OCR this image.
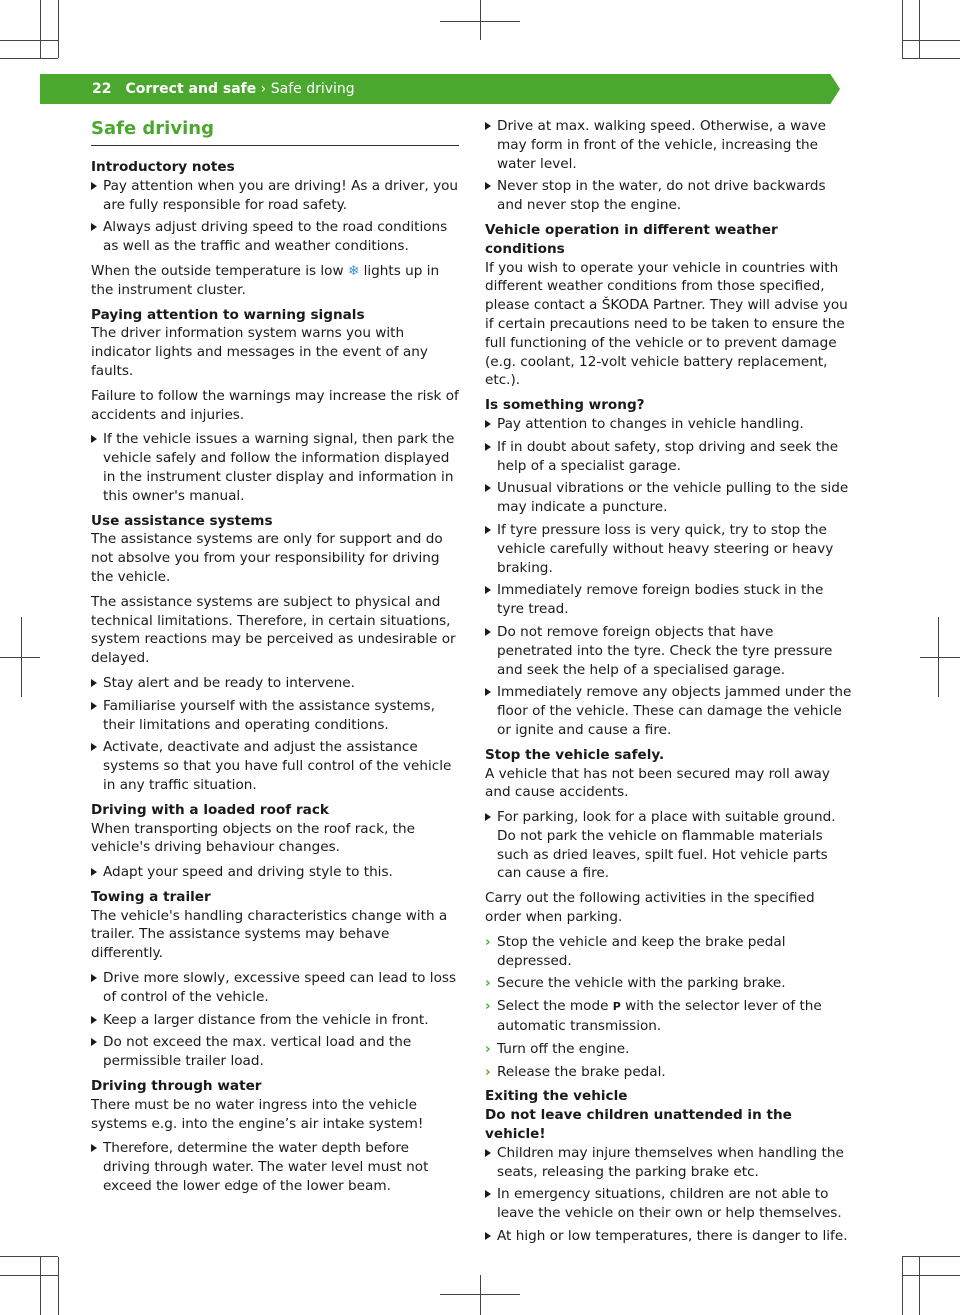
22 Correct and safe › Safe driving
Safe driving
Introductory notes
Pay attention when you are driving! As a driver, you are fully responsible for road safety.
Always adjust driving speed to the road conditions as well as the traffic and weather conditions.

When the outside temperature is low ❄ lights up in the instrument cluster.

Paying attention to warning signals

The driver information system warns you with indicator lights and messages in the event of any faults.

Failure to follow the warnings may increase the risk of accidents and injuries.

If the vehicle issues a warning signal, then park the vehicle safely and follow the information displayed in the instrument cluster display and information in this owner's manual.
Use assistance systems

The assistance systems are only for support and do not absolve you from your responsibility for driving the vehicle.

The assistance systems are subject to physical and technical limitations. Therefore, in certain situations, system reactions may be perceived as undesirable or delayed.

Stay alert and be ready to intervene.
Familiarise yourself with the assistance systems, their limitations and operating conditions.
Activate, deactivate and adjust the assistance systems so that you have full control of the vehicle in any traffic situation.
Driving with a loaded roof rack

When transporting objects on the roof rack, the vehicle's driving behaviour changes.

Adapt your speed and driving style to this.
Towing a trailer

The vehicle's handling characteristics change with a trailer. The assistance systems may behave differently.

Drive more slowly, excessive speed can lead to loss of control of the vehicle.
Keep a larger distance from the vehicle in front.
Do not exceed the max. vertical load and the permissible trailer load.
Driving through water

There must be no water ingress into the vehicle systems e.g. into the engine’s air intake system!

Therefore, determine the water depth before driving through water. The water level must not exceed the lower edge of the lower beam.
Drive at max. walking speed. Otherwise, a wave may form in front of the vehicle, increasing the water level.
Never stop in the water, do not drive backwards and never stop the engine.
Vehicle operation in different weather conditions

If you wish to operate your vehicle in countries with different weather conditions from those specified, please contact a ŠKODA Partner. They will advise you if certain precautions need to be taken to ensure the full functioning of the vehicle or to prevent damage (e.g. coolant, 12-volt vehicle battery replacement, etc.).

Is something wrong?
Pay attention to changes in vehicle handling.
If in doubt about safety, stop driving and seek the help of a specialist garage.
Unusual vibrations or the vehicle pulling to the side may indicate a puncture.
If tyre pressure loss is very quick, try to stop the vehicle carefully without heavy steering or heavy braking.
Immediately remove foreign bodies stuck in the tyre tread.
Do not remove foreign objects that have penetrated into the tyre. Check the tyre pressure and seek the help of a specialised garage.
Immediately remove any objects jammed under the floor of the vehicle. These can damage the vehicle or ignite and cause a fire.
Stop the vehicle safely.

A vehicle that has not been secured may roll away and cause accidents.

For parking, look for a place with suitable ground. Do not park the vehicle on flammable materials such as dried leaves, spilt fuel. Hot vehicle parts can cause a fire.

Carry out the following activities in the specified order when parking.

› Stop the vehicle and keep the brake pedal depressed.
› Secure the vehicle with the parking brake.
› Select the mode P with the selector lever of the automatic transmission.
› Turn off the engine.
› Release the brake pedal.
Exiting the vehicle
Do not leave children unattended in the vehicle!
Children may injure themselves when handling the seats, releasing the parking brake etc.
In emergency situations, children are not able to leave the vehicle on their own or help themselves.
At high or low temperatures, there is danger to life.
